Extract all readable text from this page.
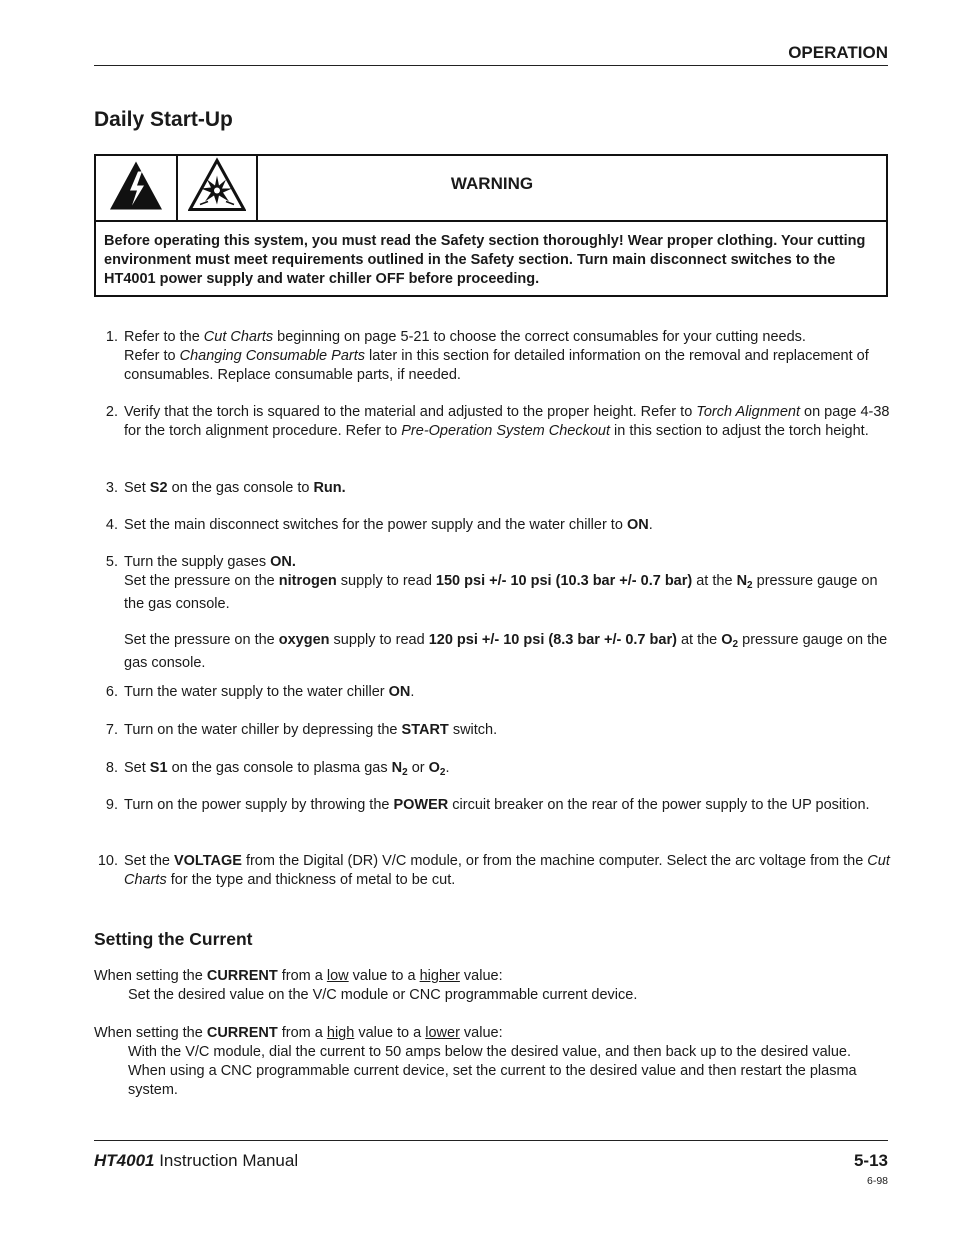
OPERATION
Daily Start-Up
WARNING
Before operating this system, you must read the Safety section thoroughly! Wear proper clothing. Your cutting environment must meet requirements outlined in the Safety section. Turn main disconnect switches to the HT4001 power supply and water chiller OFF before proceeding.
1. Refer to the Cut Charts beginning on page 5-21 to choose the correct consumables for your cutting needs.
Refer to Changing Consumable Parts later in this section for detailed information on the removal and replacement of consumables. Replace consumable parts, if needed.
2. Verify that the torch is squared to the material and adjusted to the proper height. Refer to Torch Alignment on page 4-38 for the torch alignment procedure. Refer to Pre-Operation System Checkout in this section to adjust the torch height.
3. Set S2 on the gas console to Run.
4. Set the main disconnect switches for the power supply and the water chiller to ON.
5. Turn the supply gases ON.
Set the pressure on the nitrogen supply to read 150 psi +/- 10 psi (10.3 bar +/- 0.7 bar) at the $N_2$ pressure gauge on the gas console.
Set the pressure on the oxygen supply to read 120 psi +/- 10 psi (8.3 bar +/- 0.7 bar) at the $O_2$ pressure gauge on the gas console.
6. Turn the water supply to the water chiller ON.
7. Turn on the water chiller by depressing the START switch.
8. Set S1 on the gas console to plasma gas $N_2$ or $O_2$.
9. Turn on the power supply by throwing the POWER circuit breaker on the rear of the power supply to the UP position.
10. Set the VOLTAGE from the Digital (DR) V/C module, or from the machine computer. Select the arc voltage from the Cut Charts for the type and thickness of metal to be cut.
Setting the Current
When setting the CURRENT from a low value to a higher value:
Set the desired value on the V/C module or CNC programmable current device.
When setting the CURRENT from a high value to a lower value:
With the V/C module, dial the current to 50 amps below the desired value, and then back up to the desired value.
When using a CNC programmable current device, set the current to the desired value and then restart the plasma system.
HT4001 Instruction Manual	5-13
6-98
